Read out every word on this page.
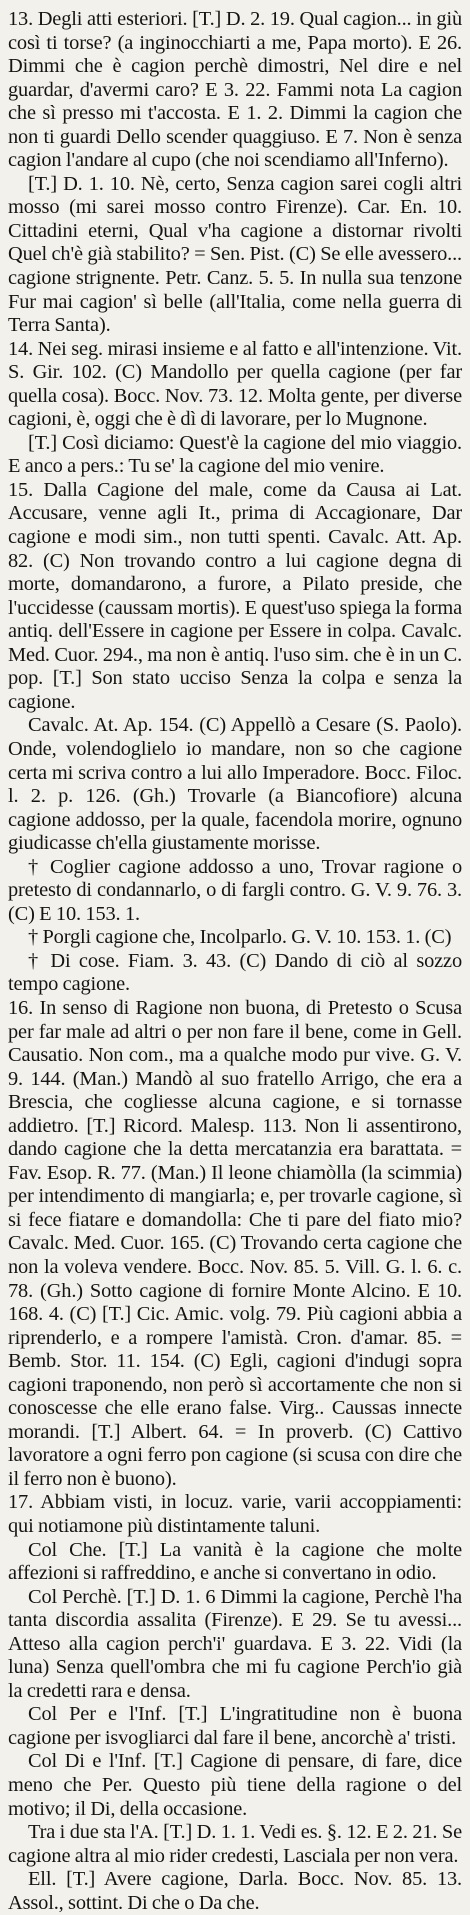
13. Degli atti esteriori. [T.] D. 2. 19. Qual cagion... in giù così ti torse? (a inginocchiarti a me, Papa morto). E 26. Dimmi che è cagion perchè dimostri, Nel dire e nel guardar, d'avermi caro? E 3. 22. Fammi nota La cagion che sì presso mi t'accosta. E 1. 2. Dimmi la cagion che non ti guardi Dello scender quaggiuso. E 7. Non è senza cagion l'andare al cupo (che noi scendiamo all'Inferno).

[T.] D. 1. 10. Nè, certo, Senza cagion sarei cogli altri mosso (mi sarei mosso contro Firenze). Car. En. 10. Cittadini eterni, Qual v'ha cagione a distornar rivolti Quel ch'è già stabilito? = Sen. Pist. (C) Se elle avessero... cagione strignente. Petr. Canz. 5. 5. In nulla sua tenzone Fur mai cagion' sì belle (all'Italia, come nella guerra di Terra Santa).

14. Nei seg. mirasi insieme e al fatto e all'intenzione. Vit. S. Gir. 102. (C) Mandollo per quella cagione (per far quella cosa). Bocc. Nov. 73. 12. Molta gente, per diverse cagioni, è, oggi che è dì di lavorare, per lo Mugnone.

[T.] Così diciamo: Quest'è la cagione del mio viaggio. E anco a pers.: Tu se' la cagione del mio venire.

15. Dalla Cagione del male, come da Causa ai Lat. Accusare, venne agli It., prima di Accagionare, Dar cagione e modi sim., non tutti spenti. Cavalc. Att. Ap. 82. (C) Non trovando contro a lui cagione degna di morte, domandarono, a furore, a Pilato preside, che l'uccidesse (caussam mortis). E quest'uso spiega la forma antiq. dell'Essere in cagione per Essere in colpa. Cavalc. Med. Cuor. 294., ma non è antiq. l'uso sim. che è in un C. pop. [T.] Son stato ucciso Senza la colpa e senza la cagione.

Cavalc. At. Ap. 154. (C) Appellò a Cesare (S. Paolo). Onde, volendoglielo io mandare, non so che cagione certa mi scriva contro a lui allo Imperadore. Bocc. Filoc. l. 2. p. 126. (Gh.) Trovarle (a Biancofiore) alcuna cagione addosso, per la quale, facendola morire, ognuno giudicasse ch'ella giustamente morisse.

† Coglier cagione addosso a uno, Trovar ragione o pretesto di condannarlo, o di fargli contro. G. V. 9. 76. 3. (C) E 10. 153. 1.

† Porgli cagione che, Incolparlo. G. V. 10. 153. 1. (C)

† Di cose. Fiam. 3. 43. (C) Dando di ciò al sozzo tempo cagione.

16. In senso di Ragione non buona, di Pretesto o Scusa per far male ad altri o per non fare il bene, come in Gell. Causatio. Non com., ma a qualche modo pur vive. G. V. 9. 144. (Man.) Mandò al suo fratello Arrigo, che era a Brescia, che cogliesse alcuna cagione, e si tornasse addietro. [T.] Ricord. Malesp. 113. Non li assentirono, dando cagione che la detta mercatanzia era barattata. = Fav. Esop. R. 77. (Man.) Il leone chiamòlla (la scimmia) per intendimento di mangiarla; e, per trovarle cagione, sì si fece fiatare e domandolla: Che ti pare del fiato mio? Cavalc. Med. Cuor. 165. (C) Trovando certa cagione che non la voleva vendere. Bocc. Nov. 85. 5. Vill. G. l. 6. c. 78. (Gh.) Sotto cagione di fornire Monte Alcino. E 10. 168. 4. (C) [T.] Cic. Amic. volg. 79. Più cagioni abbia a riprenderlo, e a rompere l'amistà. Cron. d'amar. 85. = Bemb. Stor. 11. 154. (C) Egli, cagioni d'indugi sopra cagioni traponendo, non però sì accortamente che non si conoscesse che elle erano false. Virg.. Caussas innecte morandi. [T.] Albert. 64. = In proverb. (C) Cattivo lavoratore a ogni ferro pon cagione (si scusa con dire che il ferro non è buono).

17. Abbiam visti, in locuz. varie, varii accoppiamenti: qui notiamone più distintamente taluni.

Col Che. [T.] La vanità è la cagione che molte affezioni si raffreddino, e anche si convertano in odio.

Col Perchè. [T.] D. 1. 6 Dimmi la cagione, Perchè l'ha tanta discordia assalita (Firenze). E 29. Se tu avessi... Atteso alla cagion perch'i' guardava. E 3. 22. Vidi (la luna) Senza quell'ombra che mi fu cagione Perch'io già la credetti rara e densa.

Col Per e l'Inf. [T.] L'ingratitudine non è buona cagione per isvogliarci dal fare il bene, ancorchè a' tristi.

Col Di e l'Inf. [T.] Cagione di pensare, di fare, dice meno che Per. Questo più tiene della ragione o del motivo; il Di, della occasione.

Tra i due sta l'A. [T.] D. 1. 1. Vedi es. §. 12. E 2. 21. Se cagione altra al mio rider credesti, Lasciala per non vera.

Ell. [T.] Avere cagione, Darla. Bocc. Nov. 85. 13. Assol., sottint. Di che o Da che.
